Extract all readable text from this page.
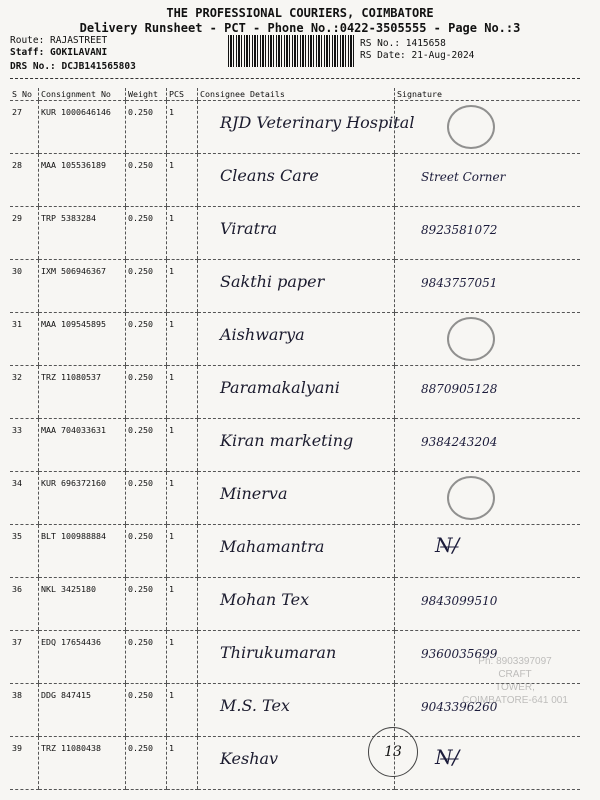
THE PROFESSIONAL COURIERS, COIMBATORE
Delivery Runsheet - PCT - Phone No.:0422-3505555 - Page No.:3
Route: RAJASTREET
Staff: GOKILAVANI
DRS No.: DCJB141565803
RS No.: 1415658
RS Date: 21-Aug-2024
S No	Consignment No	Weight	PCS	Consignee Details	Signature
27	KUR 1000646146	0.250	1	RJD Veterinary Hospital	

28	MAA 105536189	0.250	1	Cleans Care	Street Corner

29	TRP 5383284	0.250	1	Viratra	8923581072

30	IXM 506946367	0.250	1	Sakthi paper	9843757051

31	MAA 109545895	0.250	1	Aishwarya	

32	TRZ 11080537	0.250	1	Paramakalyani	8870905128

33	MAA 704033631	0.250	1	Kiran marketing	9384243204

34	KUR 696372160	0.250	1	Minerva	

35	BLT 100988884	0.250	1	Mahamantra	N̶/̶

36	NKL 3425180	0.250	1	Mohan Tex	9843099510

37	EDQ 17654436	0.250	1	Thirukumaran	9360035699

38	DDG 847415	0.250	1	M.S. Tex	9043396260

39	TRZ 11080438	0.250	1	Keshav	N̶/̶
Ph: 8903397097
CRAFT
TOWER,
COIMBATORE-641 001
13
